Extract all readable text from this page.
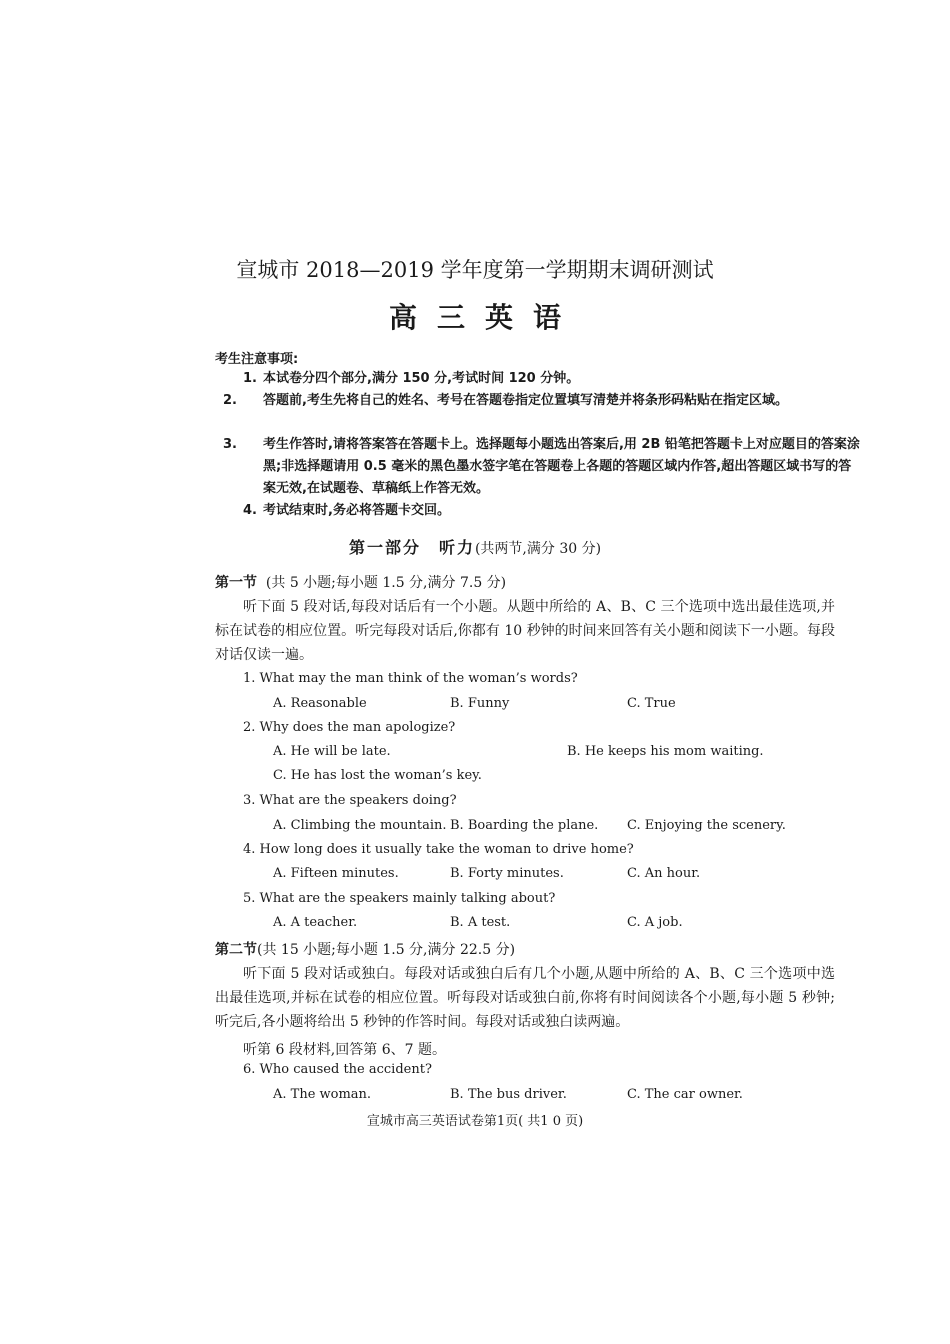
宣城市 2018—2019 学年度第一学期期末调研测试
高三英语
考生注意事项:
1. 本试卷分四个部分,满分 150 分,考试时间 120 分钟。
2. 答题前,考生先将自己的姓名、考号在答题卷指定位置填写清楚并将条形码粘贴在指定区域。
3. 考生作答时,请将答案答在答题卡上。选择题每小题选出答案后,用 2B 铅笔把答题卡上对应题目的答案涂黑;非选择题请用 0.5 毫米的黑色墨水签字笔在答题卷上各题的答题区域内作答,超出答题区域书写的答案无效,在试题卷、草稿纸上作答无效。
4. 考试结束时,务必将答题卡交回。
第一部分　听力(共两节,满分 30 分)
第一节 (共 5 小题;每小题 1.5 分,满分 7.5 分)
听下面 5 段对话,每段对话后有一个小题。从题中所给的 A、B、C 三个选项中选出最佳选项,并标在试卷的相应位置。听完每段对话后,你都有 10 秒钟的时间来回答有关小题和阅读下一小题。每段对话仅读一遍。
1. What may the man think of the woman’s words?
A. Reasonable	B. Funny	C. True
2. Why does the man apologize?
A. He will be late.	B. He keeps his mom waiting.
C. He has lost the woman’s key.
3. What are the speakers doing?
A. Climbing the mountain. B. Boarding the plane. C. Enjoying the scenery.
4. How long does it usually take the woman to drive home?
A. Fifteen minutes.	B. Forty minutes.	C. An hour.
5. What are the speakers mainly talking about?
A. A teacher.	B. A test.	C. A job.
第二节(共 15 小题;每小题 1.5 分,满分 22.5 分)
听下面 5 段对话或独白。每段对话或独白后有几个小题,从题中所给的 A、B、C 三个选项中选出最佳选项,并标在试卷的相应位置。听每段对话或独白前,你将有时间阅读各个小题,每小题 5 秒钟;听完后,各小题将给出 5 秒钟的作答时间。每段对话或独白读两遍。
听第 6 段材料,回答第 6、7 题。
6. Who caused the accident?
A. The woman.	B. The bus driver.	C. The car owner.
宣城市高三英语试卷第1页( 共1 0 页)
